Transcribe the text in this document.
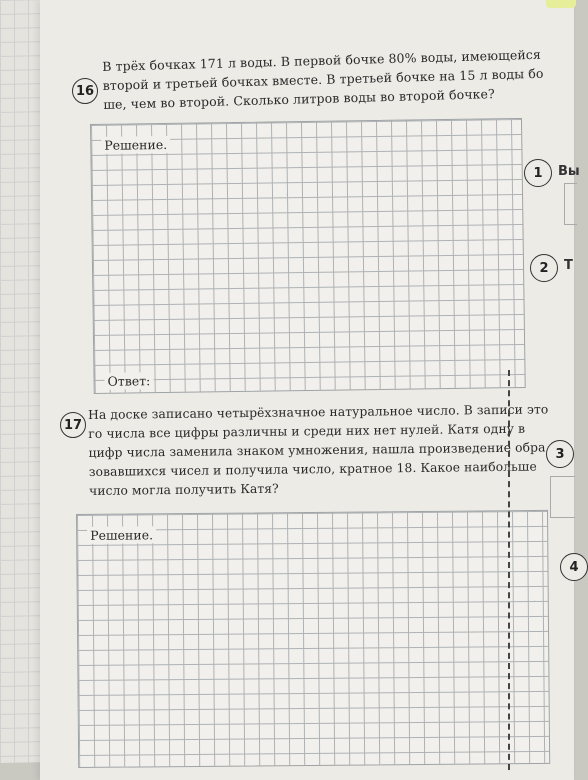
16
В трёх бочках 171 л воды. В первой бочке 80% воды, имеющейся
второй и третьей бочках вместе. В третьей бочке на 15 л воды бо
ше, чем во второй. Сколько литров воды во второй бочке?
Решение.
Ответ:
17
На доске записано четырёхзначное натуральное число. В записи это
го числа все цифры различны и среди них нет нулей. Катя одну в
цифр числа заменила знаком умножения, нашла произведение обра
зовавшихся чисел и получила число, кратное 18. Какое наибольше
число могла получить Катя?
Решение.
1	Вы
2	Т
3
4
